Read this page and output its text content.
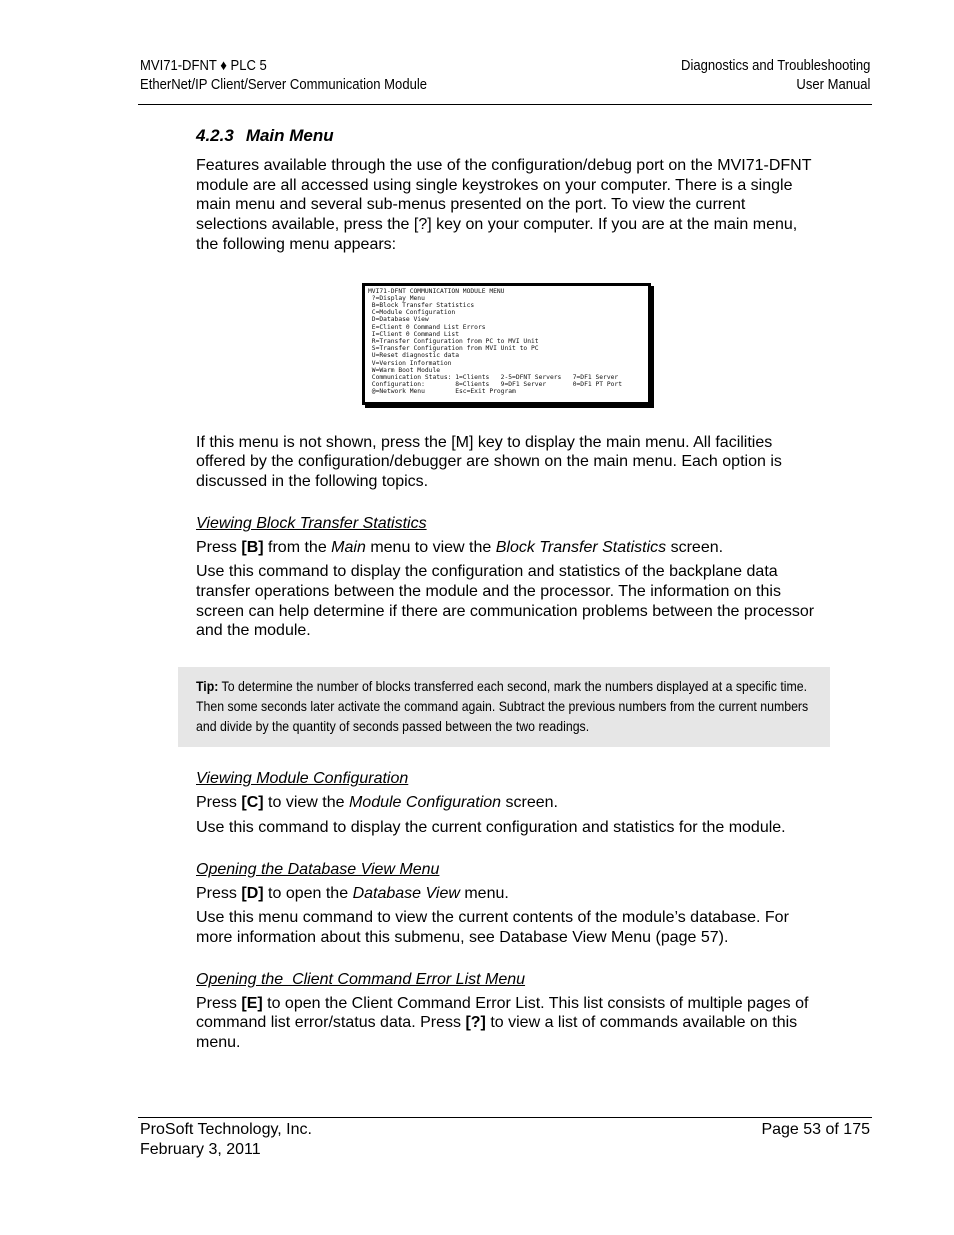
MVI71-DFNT ♦ PLC 5
EtherNet/IP Client/Server Communication Module
Diagnostics and Troubleshooting
User Manual
4.2.3 Main Menu

Features available through the use of the configuration/debug port on the MVI71-DFNT module are all accessed using single keystrokes on your computer. There is a single main menu and several sub-menus presented on the port. To view the current selections available, press the [?] key on your computer. If you are at the main menu, the following menu appears:

MVI71-DFNT COMMUNICATION MODULE MENU
?=Display Menu
B=Block Transfer Statistics
C=Module Configuration
D=Database View
E=Client 0 Command List Errors
I=Client 0 Command List
R=Transfer Configuration from PC to MVI Unit
S=Transfer Configuration from MVI Unit to PC
U=Reset diagnostic data
V=Version Information
W=Warm Boot Module
Communication Status: 1=Clients   2-5=DFNT Servers   7=DF1 Server
Configuration:        8=Clients   9=DF1 Server       0=DF1 PT Port
@=Network Menu        Esc=Exit Program

If this menu is not shown, press the [M] key to display the main menu. All facilities offered by the configuration/debugger are shown on the main menu. Each option is discussed in the following topics.

Viewing Block Transfer Statistics

Press [B] from the Main menu to view the Block Transfer Statistics screen.

Use this command to display the configuration and statistics of the backplane data transfer operations between the module and the processor. The information on this screen can help determine if there are communication problems between the processor and the module.

Tip: To determine the number of blocks transferred each second, mark the numbers displayed at a specific time. Then some seconds later activate the command again. Subtract the previous numbers from the current numbers and divide by the quantity of seconds passed between the two readings.
Viewing Module Configuration

Press [C] to view the Module Configuration screen.

Use this command to display the current configuration and statistics for the module.

Opening the Database View Menu

Press [D] to open the Database View menu.

Use this menu command to view the current contents of the module’s database. For more information about this submenu, see Database View Menu (page 57).

Opening the  Client Command Error List Menu

Press [E] to open the Client Command Error List. This list consists of multiple pages of command list error/status data. Press [?] to view a list of commands available on this menu.

ProSoft Technology, Inc.
February 3, 2011
Page 53 of 175
